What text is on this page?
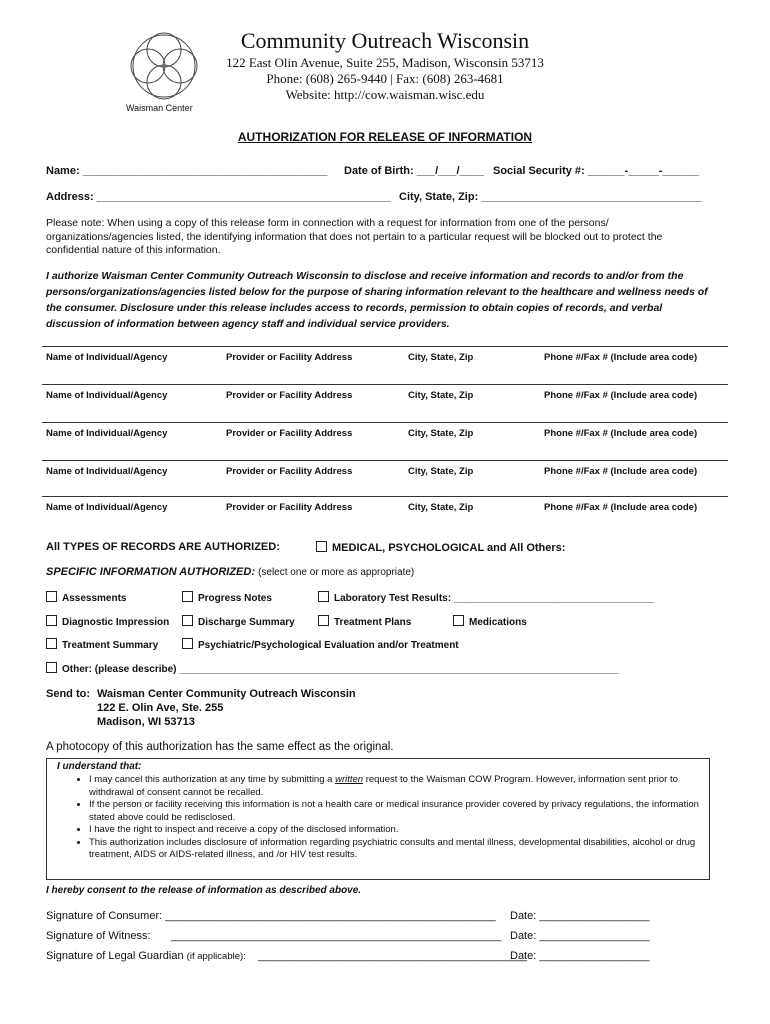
Waisman Center
Community Outreach Wisconsin
122 East Olin Avenue, Suite 255, Madison, Wisconsin 53713
Phone: (608) 265-9440 | Fax: (608) 263-4681
Website: http://cow.waisman.wisc.edu
AUTHORIZATION FOR RELEASE OF INFORMATION
Name: ________________________________________ Date of Birth: ___/___/____ Social Security #: ______-_____-______
Address: ________________________________________________ City, State, Zip: ____________________________________
Please note: When using a copy of this release form in connection with a request for information from one of the persons/ organizations/agencies listed, the identifying information that does not pertain to a particular request will be blocked out to protect the confidential nature of this information.
I authorize Waisman Center Community Outreach Wisconsin to disclose and receive information and records to and/or from the persons/organizations/agencies listed below for the purpose of sharing information relevant to the healthcare and wellness needs of the consumer. Disclosure under this release includes access to records, permission to obtain copies of records, and verbal discussion of information between agency staff and individual service providers.
Name of Individual/Agency	Provider or Facility Address	City, State, Zip	Phone #/Fax # (Include area code)
Name of Individual/Agency	Provider or Facility Address	City, State, Zip	Phone #/Fax # (Include area code)
Name of Individual/Agency	Provider or Facility Address	City, State, Zip	Phone #/Fax # (Include area code)
Name of Individual/Agency	Provider or Facility Address	City, State, Zip	Phone #/Fax # (Include area code)
Name of Individual/Agency	Provider or Facility Address	City, State, Zip	Phone #/Fax # (Include area code)
All TYPES OF RECORDS ARE AUTHORIZED:	MEDICAL, PSYCHOLOGICAL and All Others:
SPECIFIC INFORMATION AUTHORIZED: (select one or more as appropriate)
Assessments	Progress Notes	Laboratory Test Results: ____________________________________
Diagnostic Impression	Discharge Summary	Treatment Plans	Medications
Treatment Summary	Psychiatric/Psychological Evaluation and/or Treatment
Other: (please describe) _______________________________________________________________________________
Send to: Waisman Center Community Outreach Wisconsin
122 E. Olin Ave, Ste. 255
Madison, WI 53713
A photocopy of this authorization has the same effect as the original.
I understand that:
• I may cancel this authorization at any time by submitting a written request to the Waisman COW Program. However, information sent prior to withdrawal of consent cannot be recalled.
• If the person or facility receiving this information is not a health care or medical insurance provider covered by privacy regulations, the information stated above could be redisclosed.
• I have the right to inspect and receive a copy of the disclosed information.
• This authorization includes disclosure of information regarding psychiatric consults and mental illness, developmental disabilities, alcohol or drug treatment, AIDS or AIDS-related illness, and /or HIV test results.
I hereby consent to the release of information as described above.
Signature of Consumer: ______________________________________________________ Date: __________________
Signature of Witness: ______________________________________________________ Date: __________________
Signature of Legal Guardian (if applicable): ____________________________________________
Date: __________________
